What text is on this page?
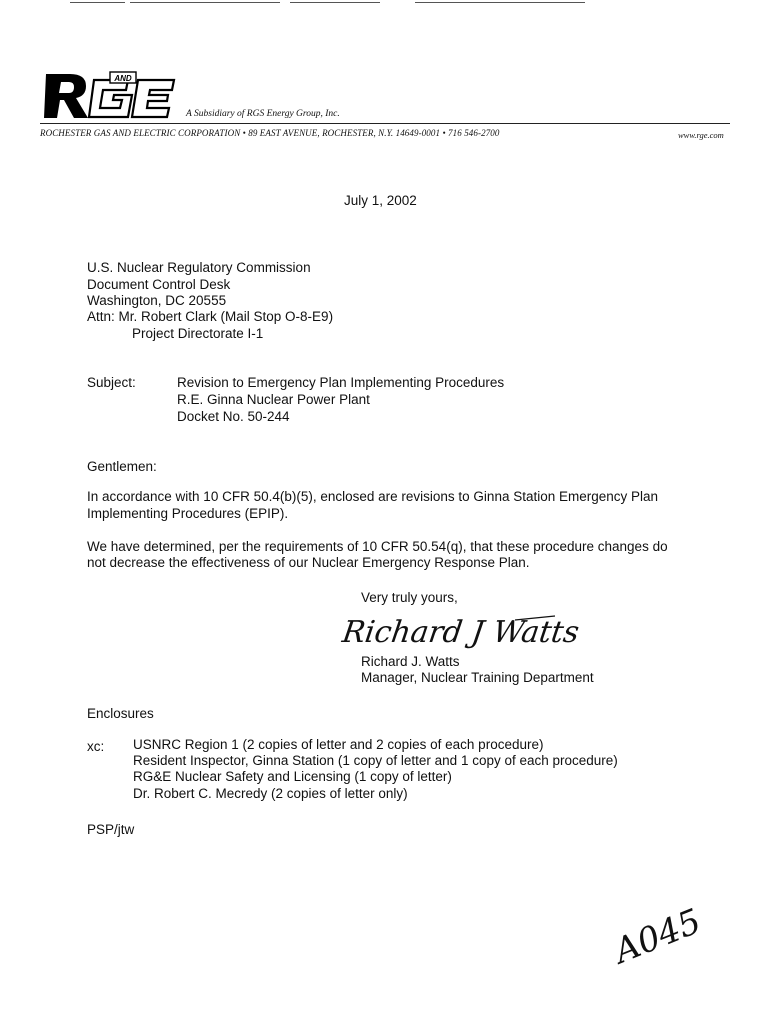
AND
A Subsidiary of RGS Energy Group, Inc.
ROCHESTER GAS AND ELECTRIC CORPORATION • 89 EAST AVENUE, ROCHESTER, N.Y. 14649-0001 • 716 546-2700	www.rge.com
July 1, 2002
U.S. Nuclear Regulatory Commission
Document Control Desk
Washington, DC 20555
Attn: Mr. Robert Clark (Mail Stop O-8-E9)
Project Directorate I-1
Subject:	Revision to Emergency Plan Implementing Procedures
R.E. Ginna Nuclear Power Plant
Docket No. 50-244
Gentlemen:
In accordance with 10 CFR 50.4(b)(5), enclosed are revisions to Ginna Station Emergency Plan
Implementing Procedures (EPIP).
We have determined, per the requirements of 10 CFR 50.54(q), that these procedure changes do
not decrease the effectiveness of our Nuclear Emergency Response Plan.
Very truly yours,
Richard J Watts
Richard J. Watts
Manager, Nuclear Training Department
Enclosures
xc: USNRC Region 1 (2 copies of letter and 2 copies of each procedure)
Resident Inspector, Ginna Station (1 copy of letter and 1 copy of each procedure)
RG&E Nuclear Safety and Licensing (1 copy of letter)
Dr. Robert C. Mecredy (2 copies of letter only)
PSP/jtw
A045
